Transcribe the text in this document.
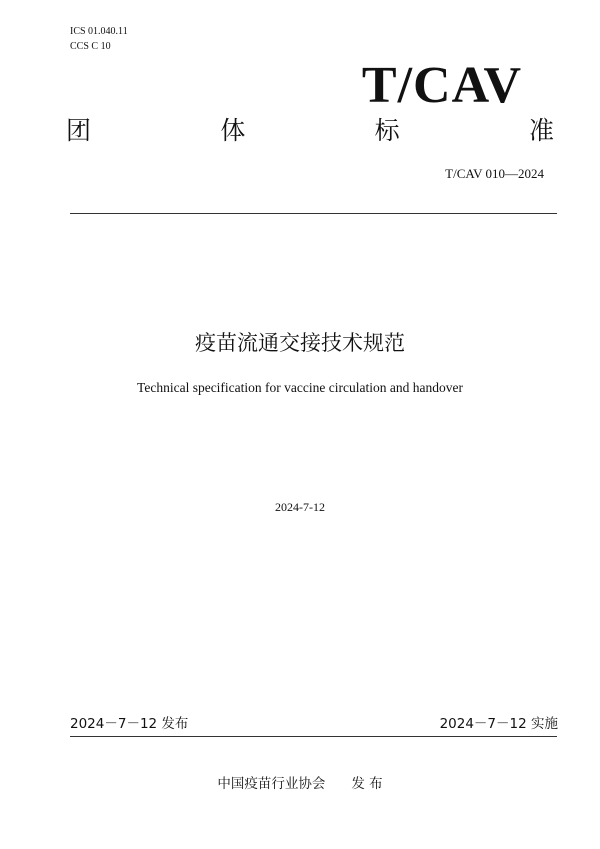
ICS 01.040.11
CCS C 10
T/CAV
团	体	标	准
T/CAV 010—2024
疫苗流通交接技术规范
Technical specification for vaccine circulation and handover
2024-7-12
2024－7－12 发布	2024－7－12 实施
中国疫苗行业协会 发 布
